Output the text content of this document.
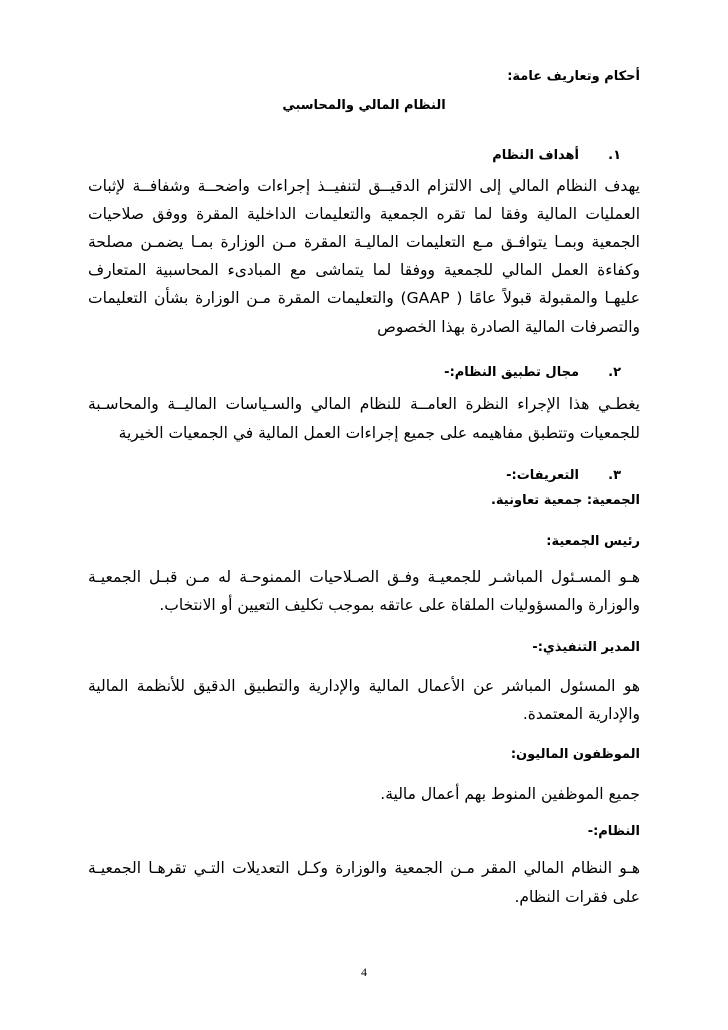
أحكام وتعاريف عامة:
النظام المالي والمحاسبي
١.
أهداف النظام
يهدف النظام المالي إلى الالتزام الدقيــق لتنفيــذ إجراءات واضحــة وشفافــة لإثبات
العمليات المالية وفقا لما تقره الجمعية والتعليمات الداخلية المقرة ووفق صلاحيات
الجمعية وبمـا يتوافـق مـع التعليمات الماليـة المقرة مـن الوزارة بمـا يضمـن مصلحة
وكفاءة العمل المالي للجمعية ووفقا لما يتماشى مع المبادىء المحاسبية المتعارف
عليهـا والمقبولة قبولاً عامًا ( GAAP) والتعليمات المقرة مـن الوزارة بشأن التعليمات
والتصرفات المالية الصادرة بهذا الخصوص
٢.
مجال تطبيق النظام:-
يغطـي هذا الإجراء النظرة العامــة للنظام المالي والسـياسات الماليــة والمحاسـبة
للجمعيات وتتطبق مفاهيمه على جميع إجراءات العمل المالية في الجمعيات الخيرية
٣.
التعريفات:-
الجمعية: جمعية تعاونية.
رئيس الجمعية:
هـو المسـئول المباشـر للجمعيـة وفـق الصـلاحيات الممنوحـة له مـن قبـل الجمعيـة
والوزارة والمسؤوليات الملقاة على عاتقه بموجب تكليف التعيين أو الانتخاب.
المدير التنفيذي:-
هو المسئول المباشر عن الأعمال المالية والإدارية والتطبيق الدقيق للأنظمة المالية
والإدارية المعتمدة.
الموظفون الماليون:
جميع الموظفين المنوط بهم أعمال مالية.
النظام:-
هـو النظام المالي المقر مـن الجمعية والوزارة وكـل التعديلات التـي تقرهـا الجمعيـة
على فقرات النظام.
4
